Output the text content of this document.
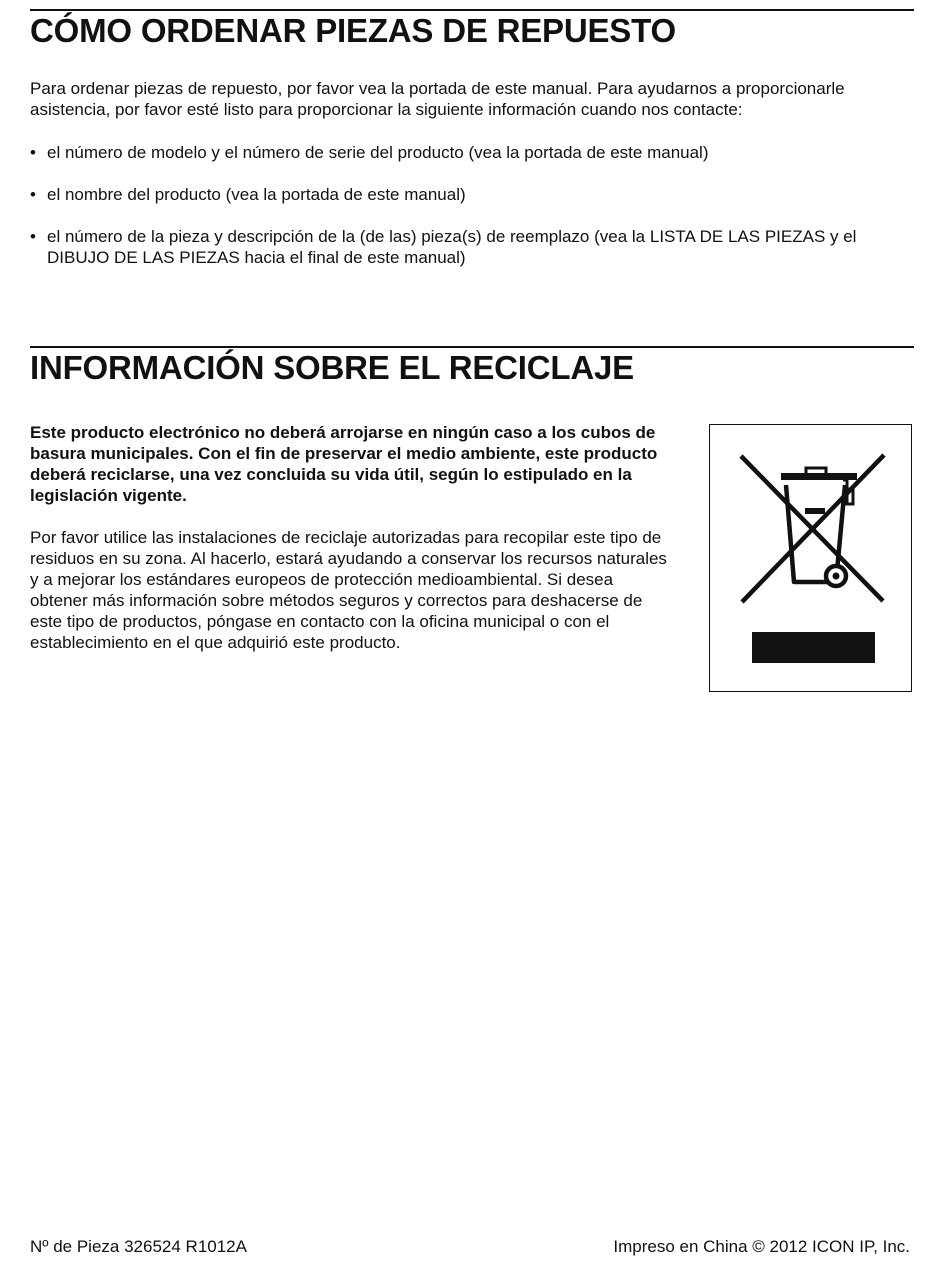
CÓMO ORDENAR PIEZAS DE REPUESTO

Para ordenar piezas de repuesto, por favor vea la portada de este manual. Para ayudarnos a proporcionarle asistencia, por favor esté listo para proporcionar la siguiente información cuando nos contacte:

• el número de modelo y el número de serie del producto (vea la portada de este manual)
• el nombre del producto (vea la portada de este manual)
• el número de la pieza y descripción de la (de las) pieza(s) de reemplazo (vea la LISTA DE LAS PIEZAS y el DIBUJO DE LAS PIEZAS hacia el final de este manual)
INFORMACIÓN SOBRE EL RECICLAJE

Este producto electrónico no deberá arrojarse en ningún caso a los cubos de basura municipales. Con el fin de preservar el medio ambiente, este producto deberá reciclarse, una vez concluida su vida útil, según lo estipulado en la legislación vigente.

Por favor utilice las instalaciones de reciclaje autorizadas para recopilar este tipo de residuos en su zona. Al hacerlo, estará ayudando a conservar los recursos naturales y a mejorar los estándares europeos de protección medioambiental. Si desea obtener más información sobre métodos seguros y correctos para deshacerse de este tipo de productos, póngase en contacto con la oficina municipal o con el establecimiento en el que adquirió este producto.

Nº de Pieza 326524 R1012A	Impreso en China © 2012 ICON IP, Inc.
